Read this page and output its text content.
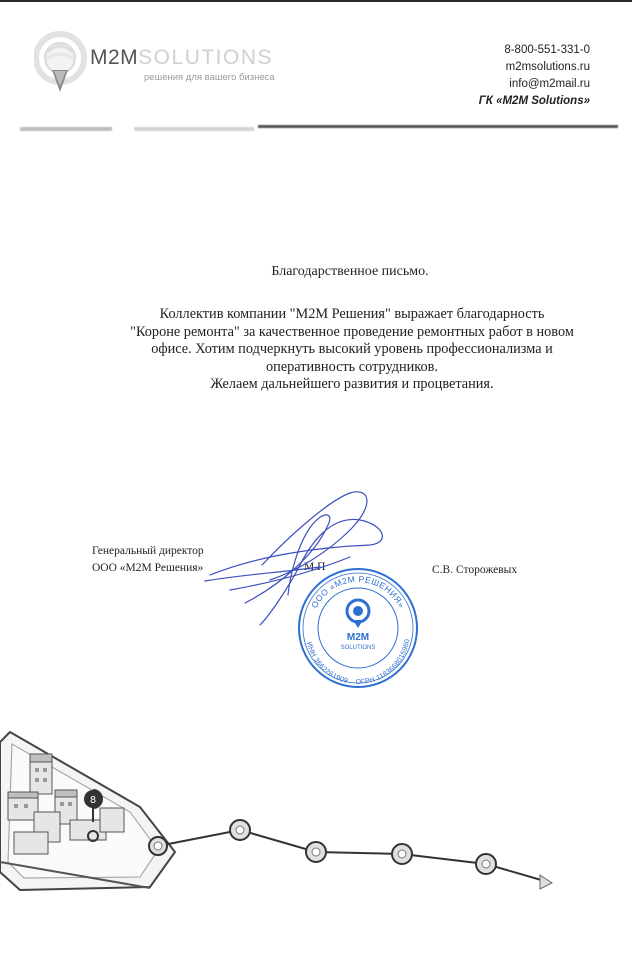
M2MSOLUTIONS
решения для вашего бизнеса
8-800-551-331-0
m2msolutions.ru
info@m2mail.ru
ГК «M2M Solutions»
Благодарственное письмо.

Коллектив компании "М2М Решения" выражает благодарность

"Короне ремонта" за качественное проведение ремонтных работ в новом

офисе. Хотим подчеркнуть высокий уровень профессионализма и

оперативность сотрудников.

Желаем дальнейшего развития и процветания.

Генеральный директор
ООО «М2М Решения»	М.П	С.В. Сторожевых
ООО «М2М РЕШЕНИЯ»
ИНН 3662261909 ОГРН 1183668015960
M2M
SOLUTIONS
8
